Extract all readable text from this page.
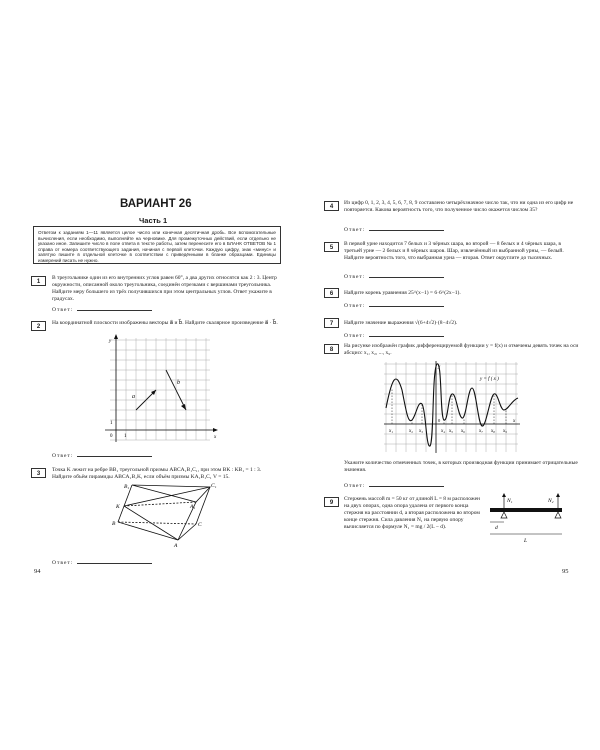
ВАРИАНТ 26
Часть 1
Ответом к заданиям 1—11 является целое число или конечная десятичная дробь. Все вспомогательные вычисления, если необходимо, выполняйте на черновике. Для промежуточных действий, если отдельно не указано иное. Запишите число в поле ответа в тексте работы, затем перенесите его в БЛАНК ОТВЕТОВ № 1 справа от номера соответствующего задания, начиная с первой клеточки. Каждую цифру, знак «минус» и запятую пишите в отдельной клеточке в соответствии с приведёнными в бланке образцами. Единицы измерений писать не нужно.
1
В треугольнике один из его внутренних углов равен 60°, а два других относятся как 2 : 3. Центр окружности, описанной около треугольника, соединён отрезками с вершинами треугольника. Найдите меру большего из трёх получившихся при этом центральных углов. Ответ укажите в градусах.
Ответ:
2
На координатной плоскости изображены векторы a⃗ и b⃗. Найдите скалярное произведение a⃗ · b⃗.
a
b
x
y
0 1
1
Ответ:
3
Точка K лежит на ребре BB₁ треугольной призмы ABCA₁B₁C₁, при этом BK : KB₁ = 1 : 3. Найдите объём пирамиды ABCA₁B₁K, если объём призмы KA₁B₁C₁ V = 15.
B₁	C₁
A₁
K
B	C
A
Ответ:
94
4
Из цифр 0, 1, 2, 3, 4, 5, 6, 7, 8, 9 составлено четырёхзначное число так, что ни одна из его цифр не повторяется. Какова вероятность того, что полученное число окажется числом 35?
Ответ:
5
В первой урне находится 7 белых и 3 чёрных шара, во второй — 8 белых и 4 чёрных шара, в третьей урне — 2 белых и 8 чёрных шаров. Шар, извлечённый из выбранной урны, — белый. Найдите вероятность того, что выбранная урна — вторая. Ответ округлите до тысячных.
Ответ:
6	Найдите корень уравнения 25^(x−1) = 6·6^(2x−1).
Ответ:
7	Найдите значение выражения √(6+4√2)·(8−4√2).
Ответ:
8
На рисунке изображён график дифференцируемой функции y = f(x) и отмечены девять точек на оси абсцисс x₁, x₂, ..., x₉.
x₁	x₂ x₃	x₄ x₅ x₆	x₇ x₈ x₉
y = f ( x )
x
y
0
Укажите количество отмеченных точек, в которых производная функции принимает отрицательные значения.
Ответ:
9
Стержень массой m = 50 кг от длиной L = 8 м расположен на двух опорах, одна опора удалена от первого конца стержня на расстоянии d, а вторая расположена во втором конце стержня. Сила давления N₁ на первую опору вычисляется по формуле N₁ = mg / 2(L − d).
N₁	N₂
d
L
95
